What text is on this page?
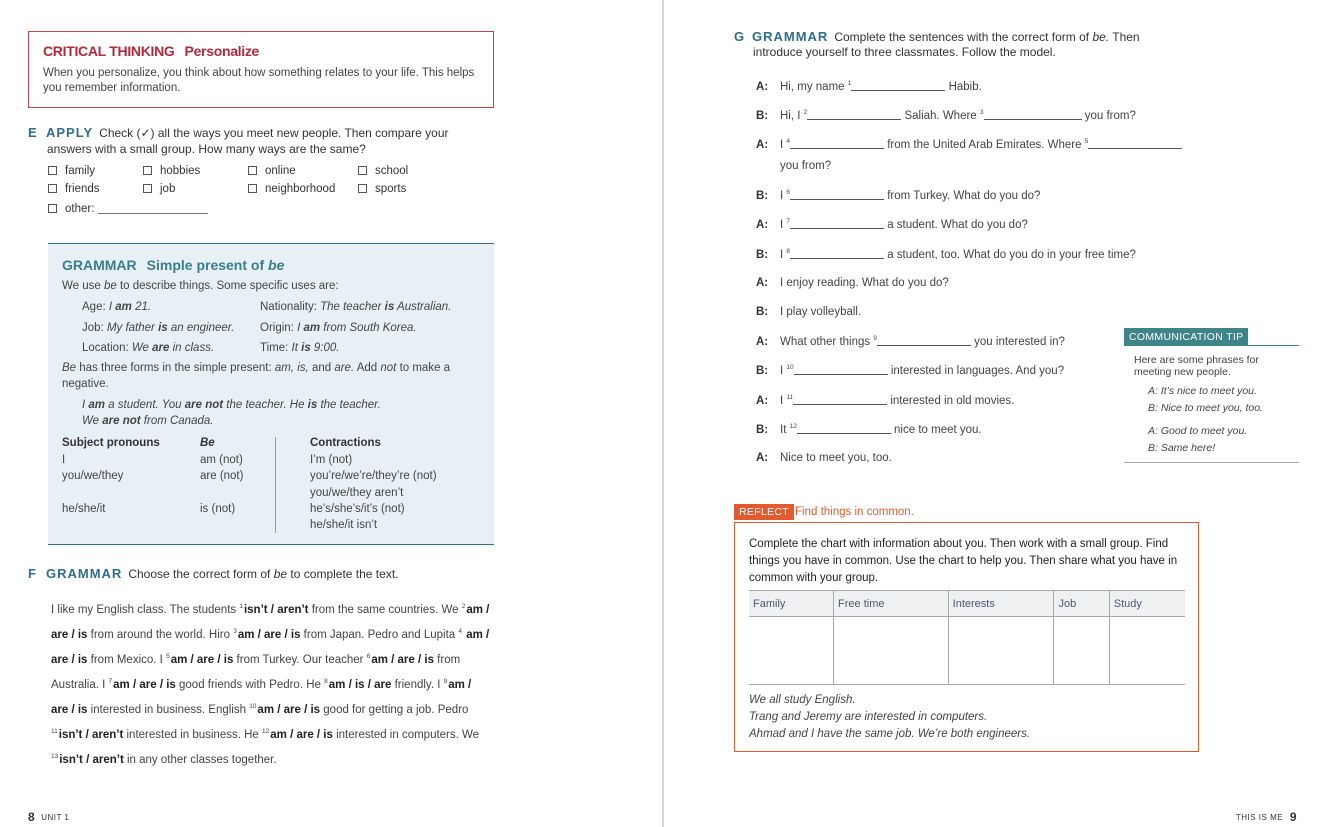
CRITICAL THINKING Personalize
When you personalize, you think about how something relates to your life. This helps you remember information.
E APPLY Check (✓) all the ways you meet new people. Then compare your
answers with a small group. How many ways are the same?
family	hobbies	online	school
friends	job	neighborhood	sports
other:
GRAMMAR Simple present of be
We use be to describe things. Some specific uses are:
Age: I am 21.	Nationality: The teacher is Australian.
Job: My father is an engineer. Origin: I am from South Korea.
Location: We are in class.	Time: It is 9:00.
Be has three forms in the simple present: am, is, and are. Add not to make a
negative.
I am a student. You are not the teacher. He is the teacher.
We are not from Canada.
Subject pronouns	Be	Contractions
I	am (not)	I’m (not)
you/we/they	are (not)	you’re/we’re/they’re (not)
you/we/they aren’t
he/she/it	is (not)	he’s/she’s/it’s (not)
he/she/it isn’t
F GRAMMAR Choose the correct form of be to complete the text.
I like my English class. The students $^1$isn’t / aren’t from the same countries. We $^2$am / are / is from around the world. Hiro $^3$am / are / is from Japan. Pedro and Lupita $^4$ am / are / is from Mexico. I $^5$am / are / is from Turkey. Our teacher $^6$am / are / is from Australia. I $^7$am / are / is good friends with Pedro. He $^8$am / is / are friendly. I $^9$am / are / is interested in business. English $^{10}$am / are / is good for getting a job. Pedro $^{11}$isn’t / aren’t interested in business. He $^{12}$am / are / is interested in computers. We $^{13}$isn’t / aren’t in any other classes together.
8 UNIT 1
G GRAMMAR Complete the sentences with the correct form of be. Then
introduce yourself to three classmates. Follow the model.
A: Hi, my name $^1$	Habib.
B: Hi, I $^2$	Saliah. Where $^3$	you from?
A: I $^4$	from the United Arab Emirates. Where $^5$
you from?
B: I $^6$	from Turkey. What do you do?
A: I $^7$	a student. What do you do?
B: I $^8$	a student, too. What do you do in your free time?
A: I enjoy reading. What do you do?
B: I play volleyball.
A: What other things $^9$	you interested in?
B: I $^{10}$	interested in languages. And you?
A: I $^{11}$	interested in old movies.
B: It $^{12}$	nice to meet you.
A: Nice to meet you, too.
COMMUNICATION TIP
Here are some phrases for meeting new people.
A: It’s nice to meet you.
B: Nice to meet you, too.
A: Good to meet you.
B: Same here!
REFLECT Find things in common.
Complete the chart with information about you. Then work with a small group. Find things you have in common. Use the chart to help you. Then share what you have in common with your group.
Family	Free time	Interests	Job	Study

We all study English.
Trang and Jeremy are interested in computers.
Ahmad and I have the same job. We’re both engineers.
THIS IS ME 9
